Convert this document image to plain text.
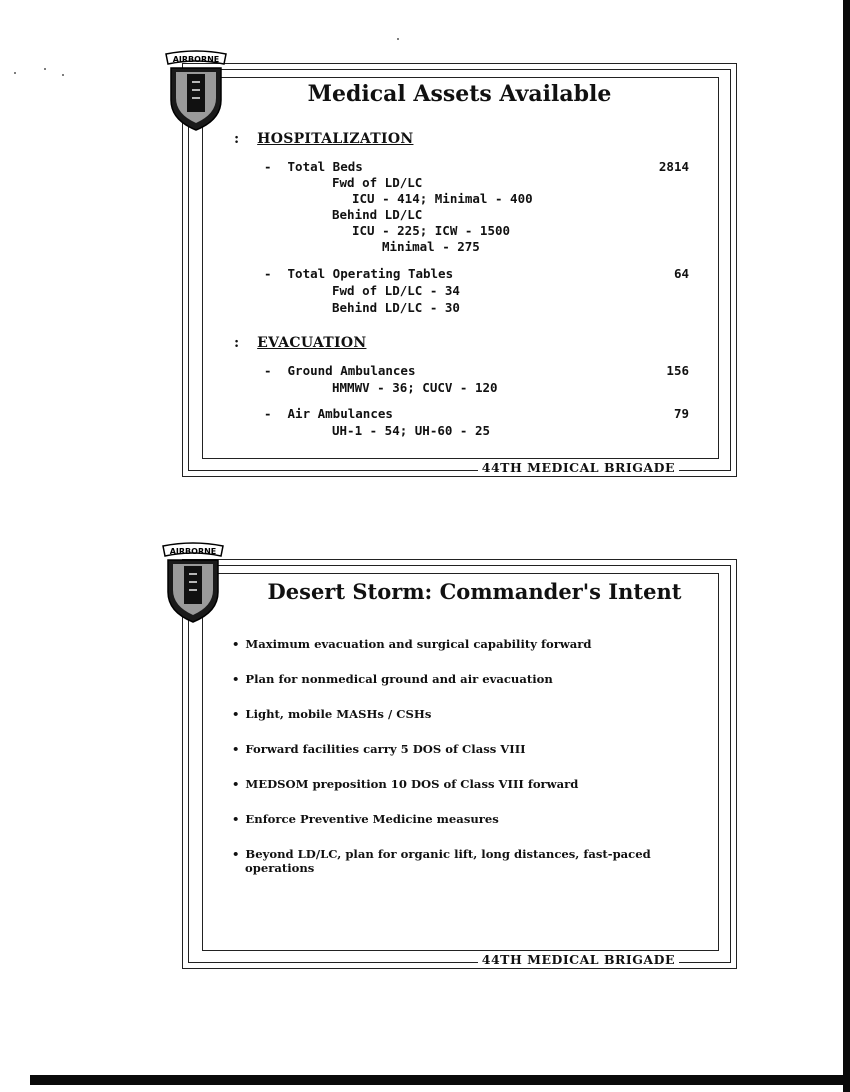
Medical Assets Available
: HOSPITALIZATION
- Total Beds	2814
Fwd of LD/LC
ICU - 414; Minimal - 400
Behind LD/LC
ICU - 225; ICW - 1500
Minimal - 275
- Total Operating Tables	64
Fwd of LD/LC - 34
Behind LD/LC - 30
: EVACUATION
- Ground Ambulances	156
HMMWV - 36; CUCV - 120
- Air Ambulances	79
UH-1 - 54; UH-60 - 25
44TH MEDICAL BRIGADE
AIRBORNE
Desert Storm: Commander's Intent
• Maximum evacuation and surgical capability forward
• Plan for nonmedical ground and air evacuation
• Light, mobile MASHs / CSHs
• Forward facilities carry 5 DOS of Class VIII
• MEDSOM preposition 10 DOS of Class VIII forward
• Enforce Preventive Medicine measures
• Beyond LD/LC, plan for organic lift, long distances, fast-paced operations
44TH MEDICAL BRIGADE
AIRBORNE
